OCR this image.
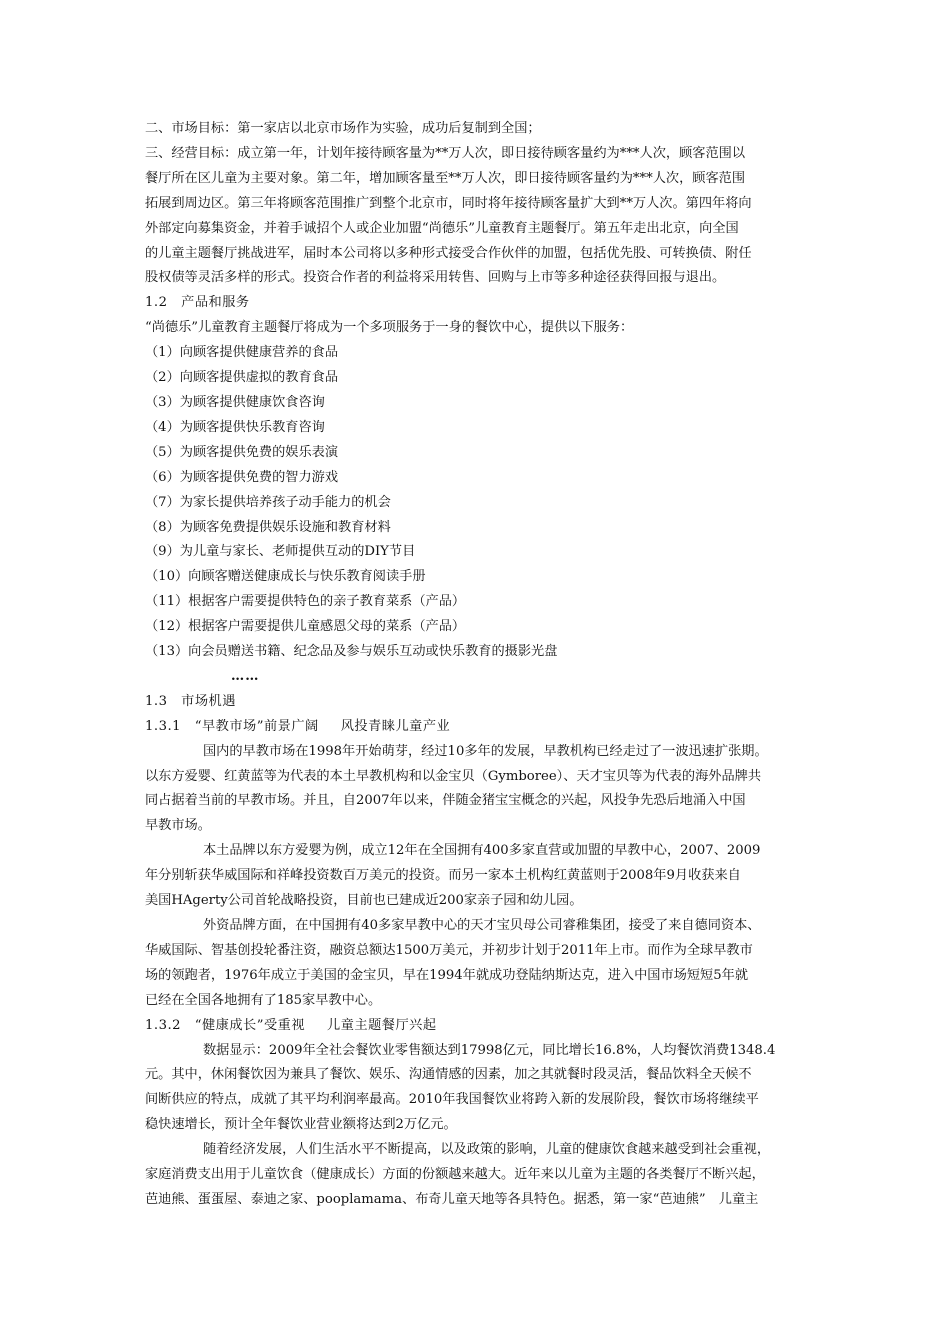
二、市场目标：第一家店以北京市场作为实验，成功后复制到全国；
三、经营目标：成立第一年，计划年接待顾客量为**万人次，即日接待顾客量约为***人次，顾客范围以
餐厅所在区儿童为主要对象。第二年，增加顾客量至**万人次，即日接待顾客量约为***人次，顾客范围
拓展到周边区。第三年将顾客范围推广到整个北京市，同时将年接待顾客量扩大到**万人次。第四年将向
外部定向募集资金，并着手诚招个人或企业加盟“尚德乐”儿童教育主题餐厅。第五年走出北京，向全国
的儿童主题餐厅挑战进军，届时本公司将以多种形式接受合作伙伴的加盟，包括优先股、可转换债、附任
股权债等灵活多样的形式。投资合作者的利益将采用转售、回购与上市等多种途径获得回报与退出。
1.2　产品和服务
“尚德乐”儿童教育主题餐厅将成为一个多项服务于一身的餐饮中心，提供以下服务：
（1）向顾客提供健康营养的食品
（2）向顾客提供虚拟的教育食品
（3）为顾客提供健康饮食咨询
（4）为顾客提供快乐教育咨询
（5）为顾客提供免费的娱乐表演
（6）为顾客提供免费的智力游戏
（7）为家长提供培养孩子动手能力的机会
（8）为顾客免费提供娱乐设施和教育材料
（9）为儿童与家长、老师提供互动的DIY节目
（10）向顾客赠送健康成长与快乐教育阅读手册
（11）根据客户需要提供特色的亲子教育菜系（产品）
（12）根据客户需要提供儿童感恩父母的菜系（产品）
（13）向会员赠送书籍、纪念品及参与娱乐互动或快乐教育的摄影光盘
……
1.3　市场机遇
1.3.1　“早教市场”前景广阔 风投青睐儿童产业
国内的早教市场在1998年开始萌芽，经过10多年的发展，早教机构已经走过了一波迅速扩张期。
以东方爱婴、红黄蓝等为代表的本土早教机构和以金宝贝（Gymboree）、天才宝贝等为代表的海外品牌共
同占据着当前的早教市场。并且，自2007年以来，伴随金猪宝宝概念的兴起，风投争先恐后地涌入中国
早教市场。
本土品牌以东方爱婴为例，成立12年在全国拥有400多家直营或加盟的早教中心，2007、2009
年分别斩获华威国际和祥峰投资数百万美元的投资。而另一家本土机构红黄蓝则于2008年9月收获来自
美国HAgerty公司首轮战略投资，目前也已建成近200家亲子园和幼儿园。
外资品牌方面，在中国拥有40多家早教中心的天才宝贝母公司睿稚集团，接受了来自德同资本、
华威国际、智基创投轮番注资，融资总额达1500万美元，并初步计划于2011年上市。而作为全球早教市
场的领跑者，1976年成立于美国的金宝贝，早在1994年就成功登陆纳斯达克，进入中国市场短短5年就
已经在全国各地拥有了185家早教中心。
1.3.2　“健康成长”受重视 儿童主题餐厅兴起
数据显示：2009年全社会餐饮业零售额达到17998亿元，同比增长16.8%，人均餐饮消费1348.4
元。其中，休闲餐饮因为兼具了餐饮、娱乐、沟通情感的因素，加之其就餐时段灵活，餐品饮料全天候不
间断供应的特点，成就了其平均利润率最高。2010年我国餐饮业将跨入新的发展阶段，餐饮市场将继续平
稳快速增长，预计全年餐饮业营业额将达到2万亿元。
随着经济发展，人们生活水平不断提高，以及政策的影响，儿童的健康饮食越来越受到社会重视，
家庭消费支出用于儿童饮食（健康成长）方面的份额越来越大。近年来以儿童为主题的各类餐厅不断兴起，
芭迪熊、蛋蛋屋、泰迪之家、pooplamama、布奇儿童天地等各具特色。据悉，第一家“芭迪熊”　儿童主
